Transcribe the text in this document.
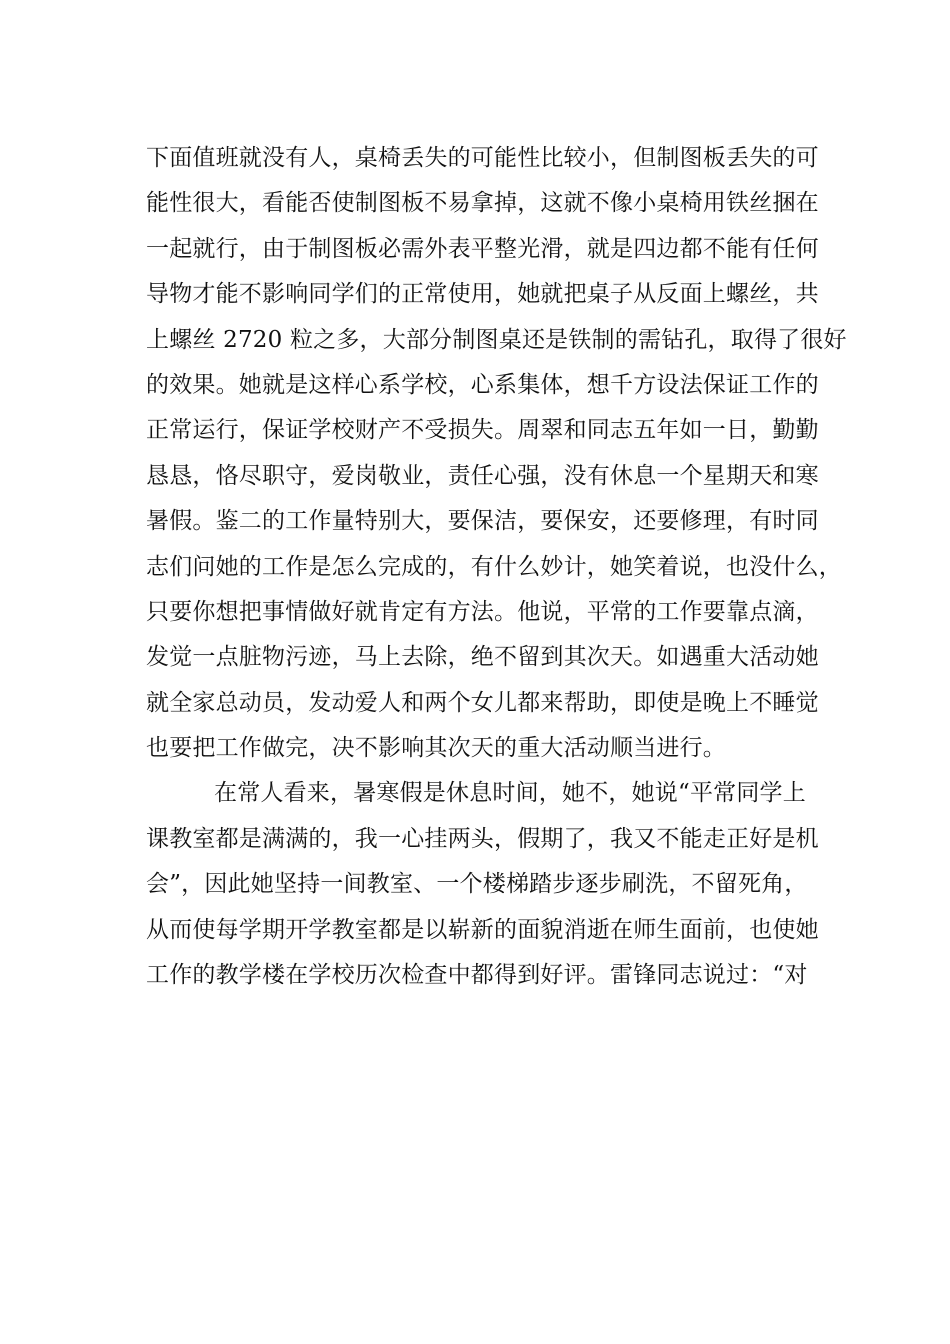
下面值班就没有人，桌椅丢失的可能性比较小，但制图板丢失的可
能性很大，看能否使制图板不易拿掉，这就不像小桌椅用铁丝捆在
一起就行，由于制图板必需外表平整光滑，就是四边都不能有任何
导物才能不影响同学们的正常使用，她就把桌子从反面上螺丝，共
上螺丝 2720 粒之多，大部分制图桌还是铁制的需钻孔，取得了很好
的效果。她就是这样心系学校，心系集体，想千方设法保证工作的
正常运行，保证学校财产不受损失。周翠和同志五年如一日，勤勤
恳恳，恪尽职守，爱岗敬业，责任心强，没有休息一个星期天和寒
暑假。鉴二的工作量特别大，要保洁，要保安，还要修理，有时同
志们问她的工作是怎么完成的，有什么妙计，她笑着说，也没什么，
只要你想把事情做好就肯定有方法。他说，平常的工作要靠点滴，
发觉一点脏物污迹，马上去除，绝不留到其次天。如遇重大活动她
就全家总动员，发动爱人和两个女儿都来帮助，即使是晚上不睡觉
也要把工作做完，决不影响其次天的重大活动顺当进行。
在常人看来，暑寒假是休息时间，她不，她说“平常同学上
课教室都是满满的，我一心挂两头，假期了，我又不能走正好是机
会”，因此她坚持一间教室、一个楼梯踏步逐步刷洗，不留死角，
从而使每学期开学教室都是以崭新的面貌消逝在师生面前，也使她
工作的教学楼在学校历次检查中都得到好评。雷锋同志说过：“对
